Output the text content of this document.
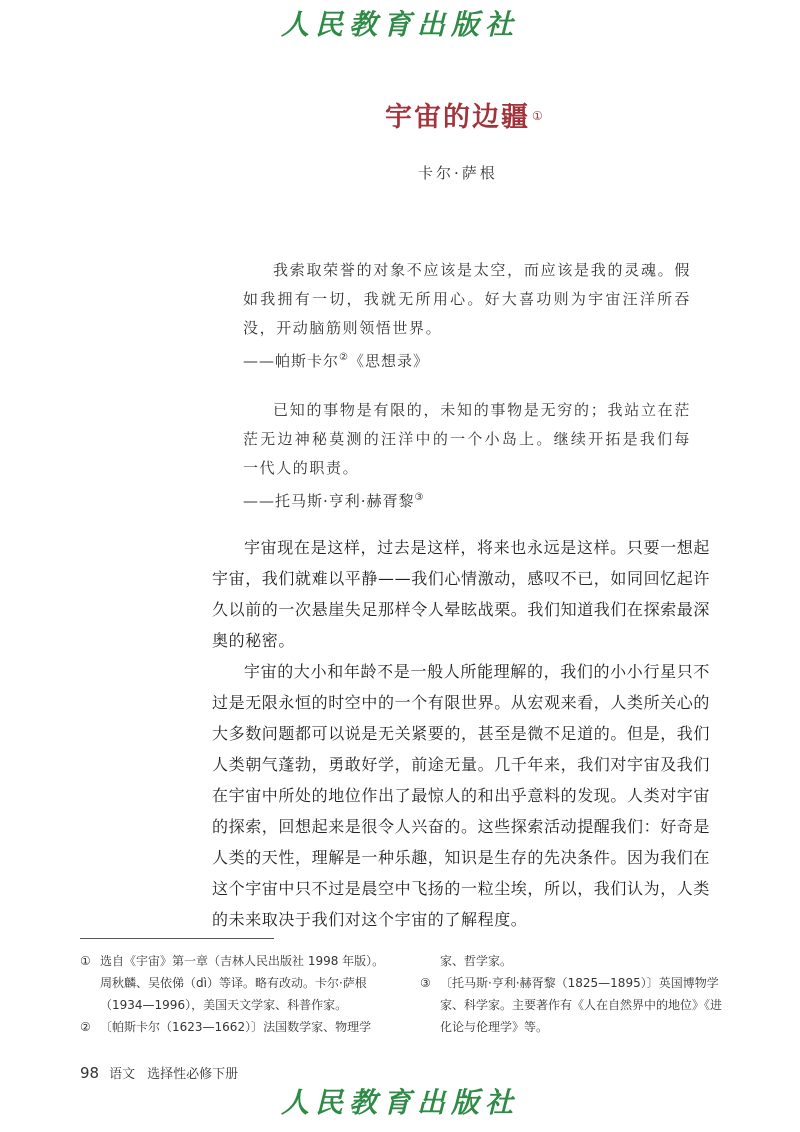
人民教育出版社
宇宙的边疆 ①
卡尔·萨根

我索取荣誉的对象不应该是太空，而应该是我的灵魂。假如我拥有一切，我就无所用心。好大喜功则为宇宙汪洋所吞没，开动脑筋则领悟世界。

——帕斯卡尔②《思想录》

已知的事物是有限的，未知的事物是无穷的；我站立在茫茫无边神秘莫测的汪洋中的一个小岛上。继续开拓是我们每一代人的职责。

——托马斯·亨利·赫胥黎③

宇宙现在是这样，过去是这样，将来也永远是这样。只要一想起宇宙，我们就难以平静——我们心情激动，感叹不已，如同回忆起许久以前的一次悬崖失足那样令人晕眩战栗。我们知道我们在探索最深奥的秘密。

宇宙的大小和年龄不是一般人所能理解的，我们的小小行星只不过是无限永恒的时空中的一个有限世界。从宏观来看，人类所关心的大多数问题都可以说是无关紧要的，甚至是微不足道的。但是，我们人类朝气蓬勃，勇敢好学，前途无量。几千年来，我们对宇宙及我们在宇宙中所处的地位作出了最惊人的和出乎意料的发现。人类对宇宙的探索，回想起来是很令人兴奋的。这些探索活动提醒我们：好奇是人类的天性，理解是一种乐趣，知识是生存的先决条件。因为我们在这个宇宙中只不过是晨空中飞扬的一粒尘埃，所以，我们认为，人类的未来取决于我们对这个宇宙的了解程度。

① 选自《宇宙》第一章（吉林人民出版社 1998 年版）。周秋麟、吴依俤（dì）等译。略有改动。卡尔·萨根（1934—1996），美国天文学家、科普作家。
② 〔帕斯卡尔（1623—1662）〕法国数学家、物理学
家、哲学家。
③ 〔托马斯·亨利·赫胥黎（1825—1895）〕英国博物学家、科学家。主要著作有《人在自然界中的地位》《进化论与伦理学》等。
98 语文 选择性必修下册
人民教育出版社
